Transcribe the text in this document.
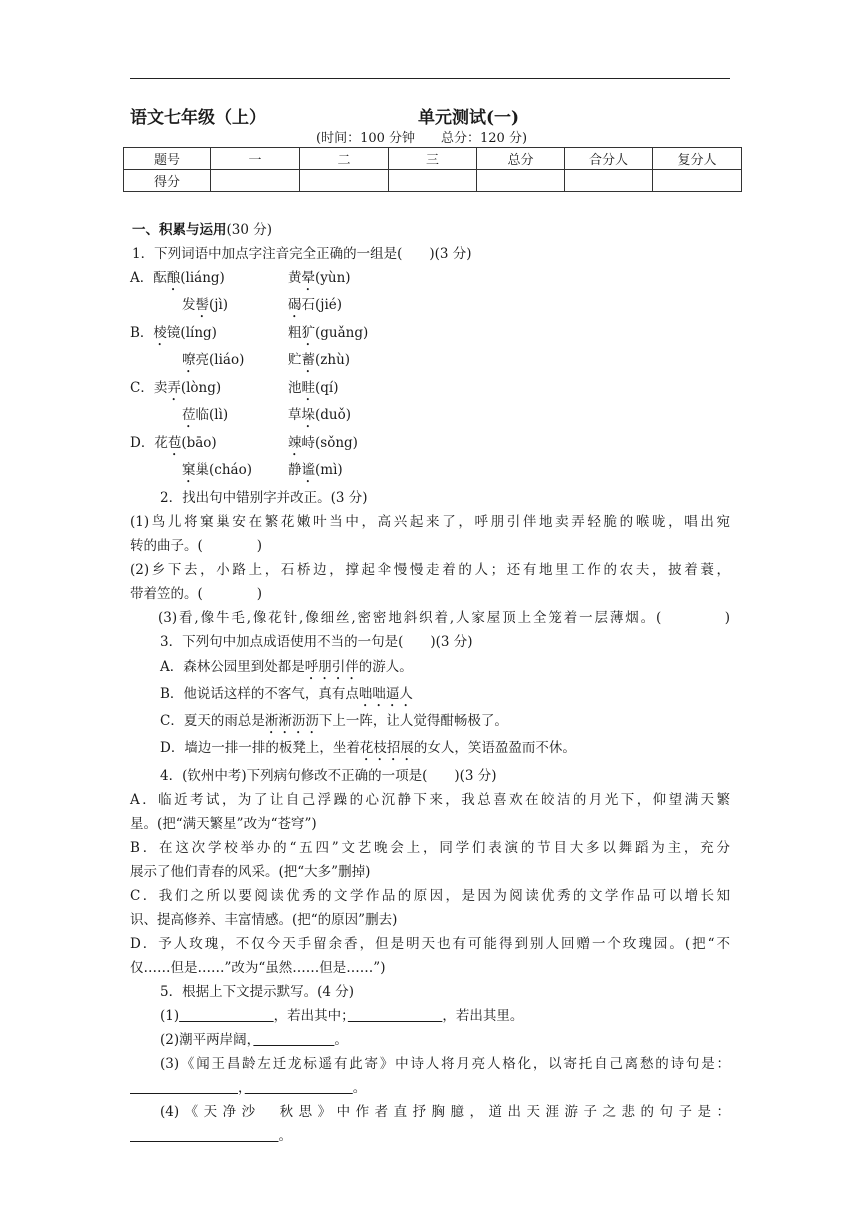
语文七年级（上）	单元测试(一)
(时间：100 分钟　　总分：120 分)
题号	一	二	三	总分	合分人	复分人
得分						
一、积累与运用(30 分)
1．下列词语中加点字注音完全正确的一组是(　　)(3 分)
A．酝酿(liáng)	黄晕(yùn)
发髻(jì)	碣石(jié)
B．棱镜(líng)	粗犷(guǎng)
嘹亮(liáo)	贮蓄(zhù)
C．卖弄(lòng)	池畦(qí)
莅临(lì)	草垛(duǒ)
D．花苞(bāo)	竦峙(sǒng)
窠巢(cháo)	静谧(mì)
2．找出句中错别字并改正。(3 分)
(1)鸟儿将窠巢安在繁花嫩叶当中，高兴起来了，呼朋引伴地卖弄轻脆的喉咙，唱出宛
转的曲子。(　　　　)
(2)乡下去，小路上，石桥边，撑起伞慢慢走着的人；还有地里工作的农夫，披着蓑，
带着笠的。(　　　　)
(3)看,像牛毛,像花针,像细丝,密密地斜织着,人家屋顶上全笼着一层薄烟。(　　　　)
3．下列句中加点成语使用不当的一句是(　　)(3 分)
A．森林公园里到处都是呼朋引伴的游人。
B．他说话这样的不客气，真有点咄咄逼人
C．夏天的雨总是淅淅沥沥下上一阵，让人觉得酣畅极了。
D．墙边一排一排的板凳上，坐着花枝招展的女人，笑语盈盈而不休。
4．(钦州中考)下列病句修改不正确的一项是(　　)(3 分)
A．临近考试，为了让自己浮躁的心沉静下来，我总喜欢在皎洁的月光下，仰望满天繁
星。(把“满天繁星”改为“苍穹”)
B．在这次学校举办的“五四”文艺晚会上，同学们表演的节目大多以舞蹈为主，充分
展示了他们青春的风采。(把“大多”删掉)
C．我们之所以要阅读优秀的文学作品的原因，是因为阅读优秀的文学作品可以增长知
识、提高修养、丰富情感。(把“的原因”删去)
D．予人玫瑰，不仅今天手留余香，但是明天也有可能得到别人回赠一个玫瑰园。(把“不
仅……但是……”改为“虽然……但是……”)
5．根据上下文提示默写。(4 分)
(1)　　　　　　　	，若出其中；　　　　　　　	，若出其里。
(2)潮平两岸阔，　　　　　　	。
(3)《闻王昌龄左迁龙标遥有此寄》中诗人将月亮人格化，以寄托自己离愁的诗句是：
　　　　　　　　，　　　　　　　　	。
(4)《天净沙　秋思》中作者直抒胸臆，道出天涯游子之悲的句子是：
　　　　　　　　　　　。
